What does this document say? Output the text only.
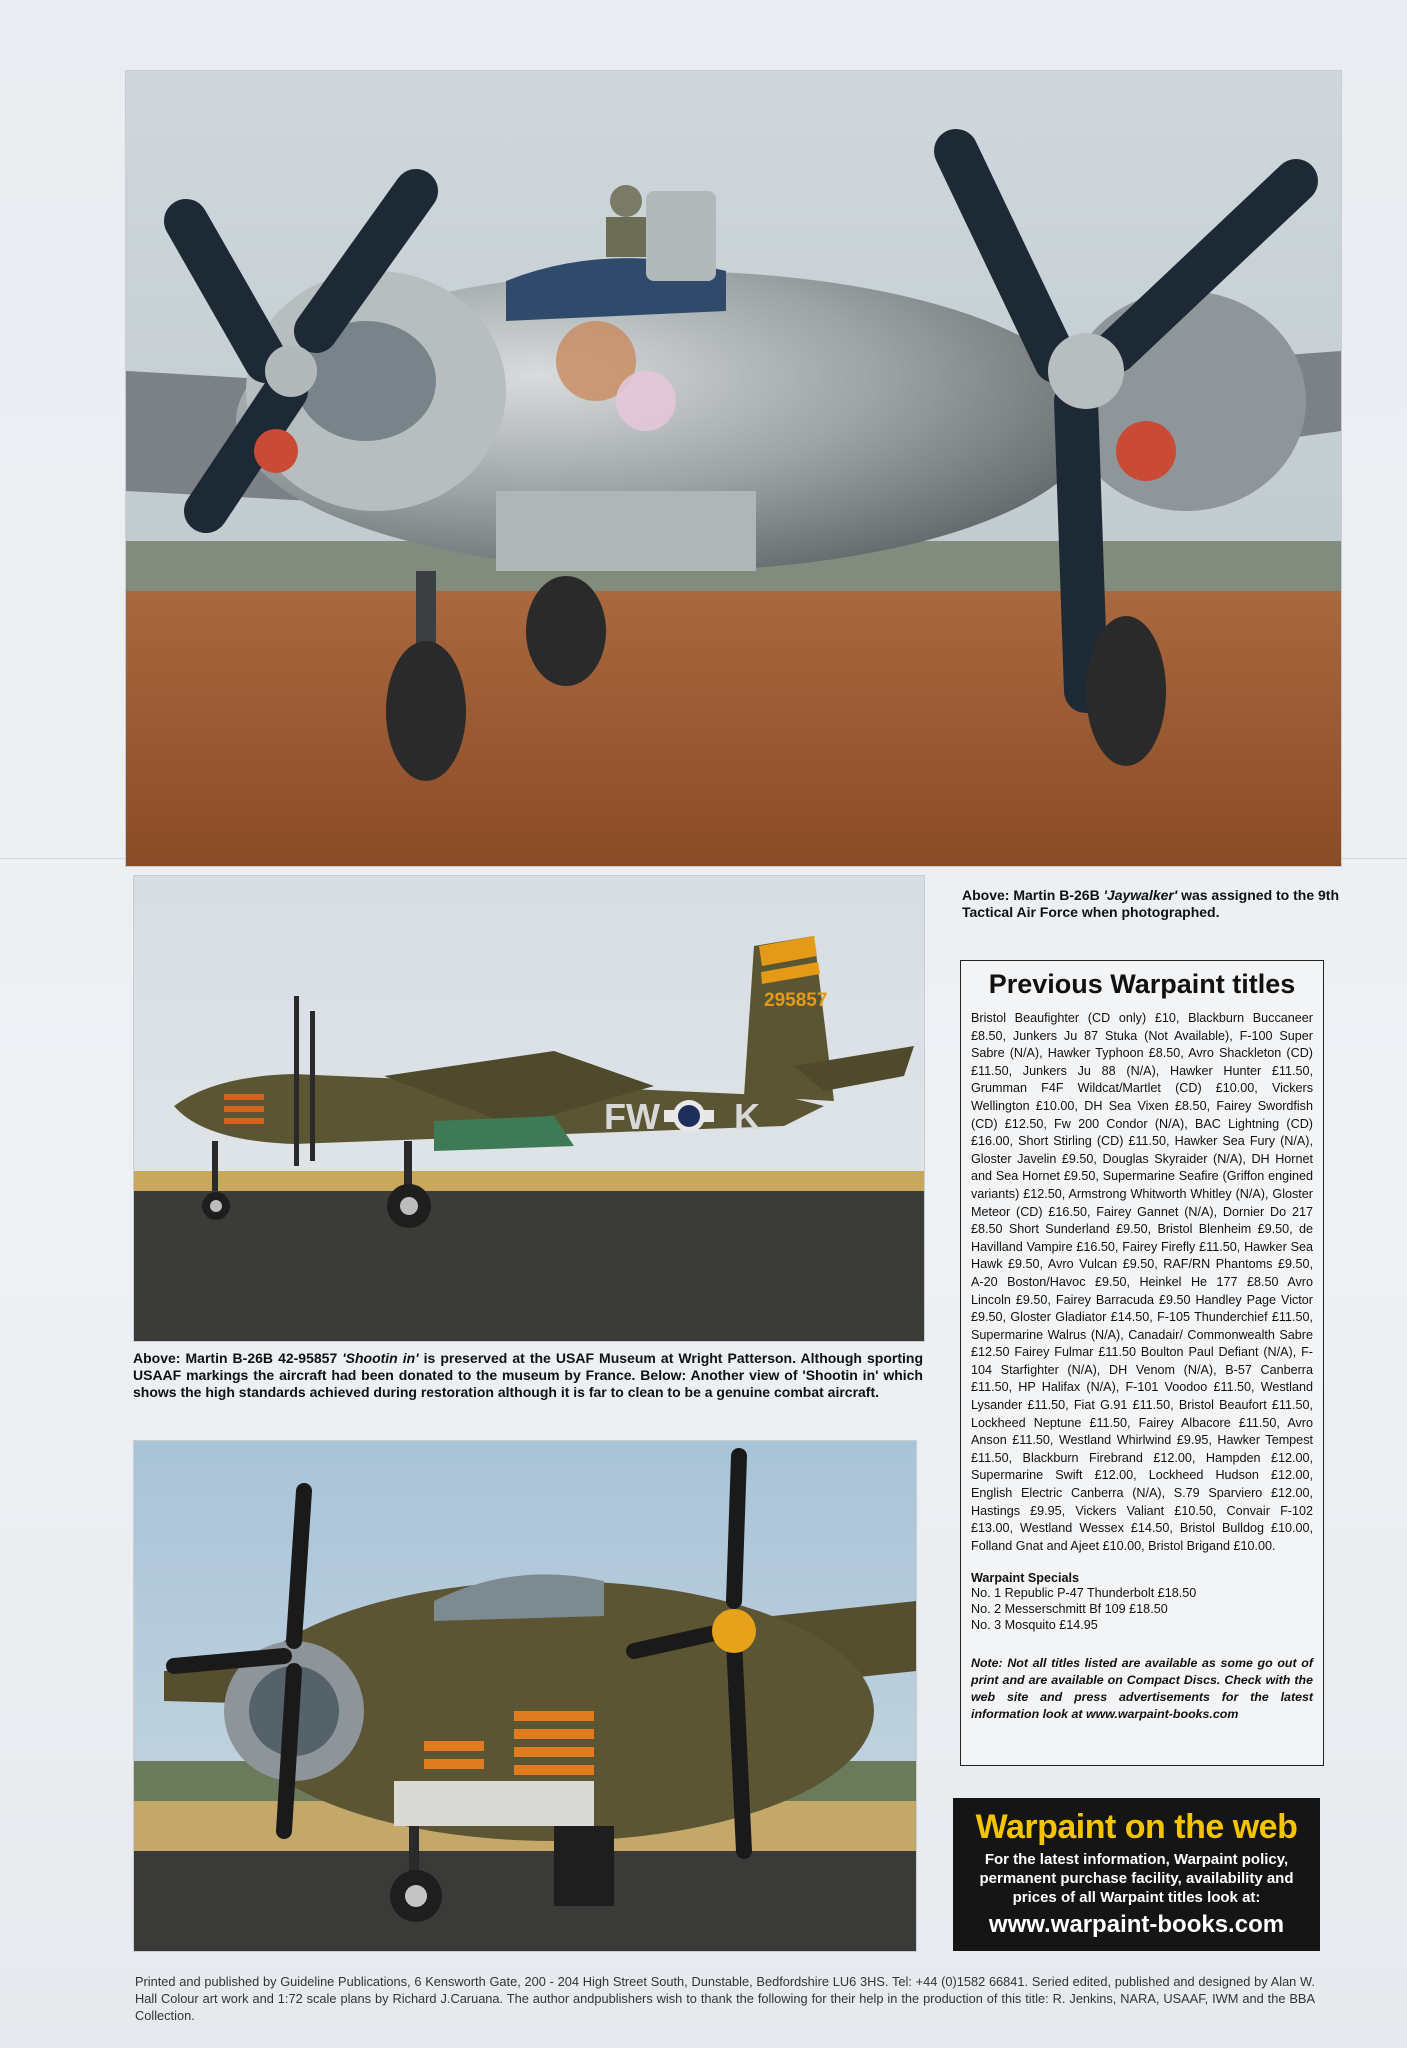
Above: Martin B-26B 'Jaywalker' was assigned to the 9th Tactical Air Force when photographed.
295857
FW K
Above: Martin B-26B 42-95857 'Shootin in' is preserved at the USAF Museum at Wright Patterson. Although sporting USAAF markings the aircraft had been donated to the museum by France. Below: Another view of 'Shootin in' which shows the high standards achieved during restoration although it is far to clean to be a genuine combat aircraft.
Previous Warpaint titles
Bristol Beaufighter (CD only) £10, Blackburn Buccaneer £8.50, Junkers Ju 87 Stuka (Not Available), F-100 Super Sabre (N/A), Hawker Typhoon £8.50, Avro Shackleton (CD) £11.50, Junkers Ju 88 (N/A), Hawker Hunter £11.50, Grumman F4F Wildcat/Martlet (CD) £10.00, Vickers Wellington £10.00, DH Sea Vixen £8.50, Fairey Swordfish (CD) £12.50, Fw 200 Condor (N/A), BAC Lightning (CD) £16.00, Short Stirling (CD) £11.50, Hawker Sea Fury (N/A), Gloster Javelin £9.50, Douglas Skyraider (N/A), DH Hornet and Sea Hornet £9.50, Supermarine Seafire (Griffon engined variants) £12.50, Armstrong Whitworth Whitley (N/A), Gloster Meteor (CD) £16.50, Fairey Gannet (N/A), Dornier Do 217 £8.50 Short Sunderland £9.50, Bristol Blenheim £9.50, de Havilland Vampire £16.50, Fairey Firefly £11.50, Hawker Sea Hawk £9.50, Avro Vulcan £9.50, RAF/RN Phantoms £9.50, A-20 Boston/Havoc £9.50, Heinkel He 177 £8.50 Avro Lincoln £9.50, Fairey Barracuda £9.50 Handley Page Victor £9.50, Gloster Gladiator £14.50, F-105 Thunderchief £11.50, Supermarine Walrus (N/A), Canadair/ Commonwealth Sabre £12.50 Fairey Fulmar £11.50 Boulton Paul Defiant (N/A), F-104 Starfighter (N/A), DH Venom (N/A), B-57 Canberra £11.50, HP Halifax (N/A), F-101 Voodoo £11.50, Westland Lysander £11.50, Fiat G.91 £11.50, Bristol Beaufort £11.50, Lockheed Neptune £11.50, Fairey Albacore £11.50, Avro Anson £11.50, Westland Whirlwind £9.95, Hawker Tempest £11.50, Blackburn Firebrand £12.00, Hampden £12.00, Supermarine Swift £12.00, Lockheed Hudson £12.00, English Electric Canberra (N/A), S.79 Sparviero £12.00, Hastings £9.95, Vickers Valiant £10.50, Convair F-102 £13.00, Westland Wessex £14.50, Bristol Bulldog £10.00, Folland Gnat and Ajeet £10.00, Bristol Brigand £10.00.
Warpaint Specials
No. 1 Republic P-47 Thunderbolt £18.50
No. 2 Messerschmitt Bf 109 £18.50
No. 3 Mosquito £14.95
Note: Not all titles listed are available as some go out of print and are available on Compact Discs. Check with the web site and press advertisements for the latest information look at www.warpaint-books.com
Warpaint on the web
For the latest information, Warpaint policy, permanent purchase facility, availability and prices of all Warpaint titles look at:
www.warpaint-books.com
Printed and published by Guideline Publications, 6 Kensworth Gate, 200 - 204 High Street South, Dunstable, Bedfordshire LU6 3HS. Tel: +44 (0)1582 66841. Seried edited, published and designed by Alan W. Hall Colour art work and 1:72 scale plans by Richard J.Caruana. The author andpublishers wish to thank the following for their help in the production of this title: R. Jenkins, NARA, USAAF, IWM and the BBA Collection.
